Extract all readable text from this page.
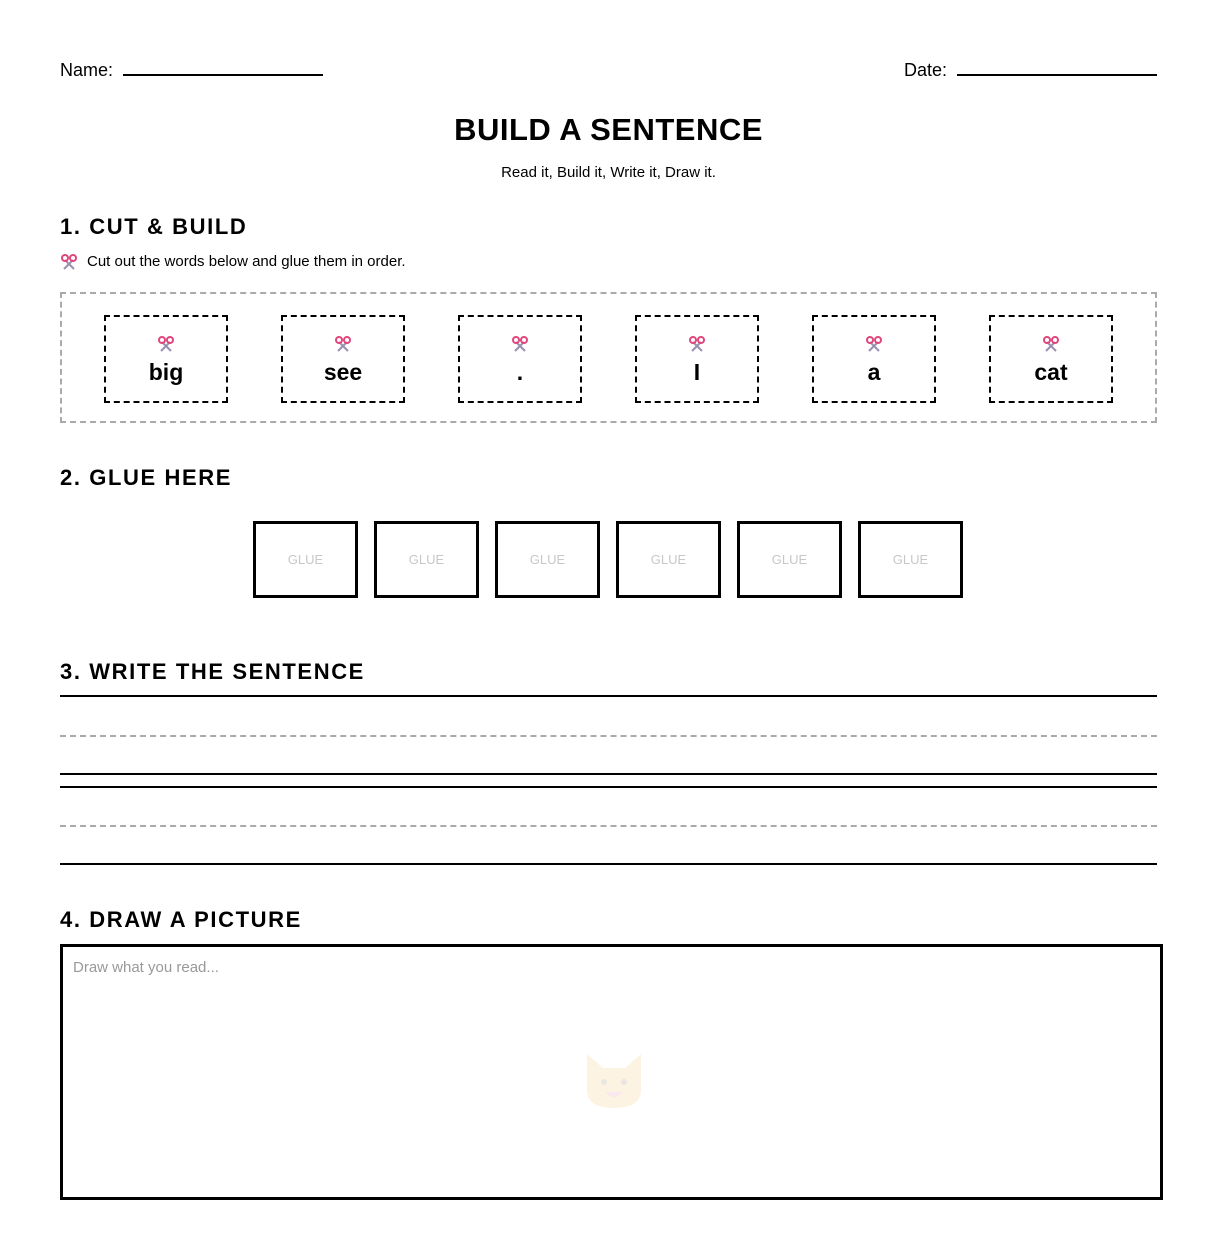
Name:	Date:
BUILD A SENTENCE
Read it, Build it, Write it, Draw it.
1. CUT & BUILD
Cut out the words below and glue them in order.
big	see	.	I	a	cat
2. GLUE HERE
GLUE	GLUE	GLUE	GLUE	GLUE	GLUE
3. WRITE THE SENTENCE
4. DRAW A PICTURE
Draw what you read...
